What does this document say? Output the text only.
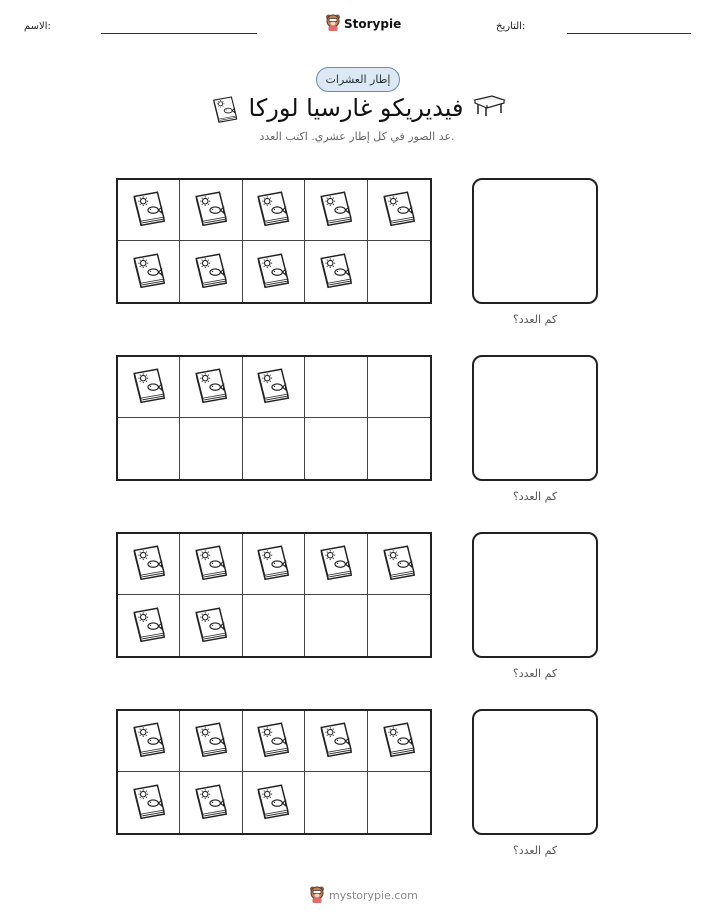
الاسم:	Storypie	التاريخ:
إطار العشرات
فيديريكو غارسيا لوركا
عد الصور في كل إطار عشري. اكتب العدد.
كم العدد؟
كم العدد؟
كم العدد؟
كم العدد؟
mystorypie.com
